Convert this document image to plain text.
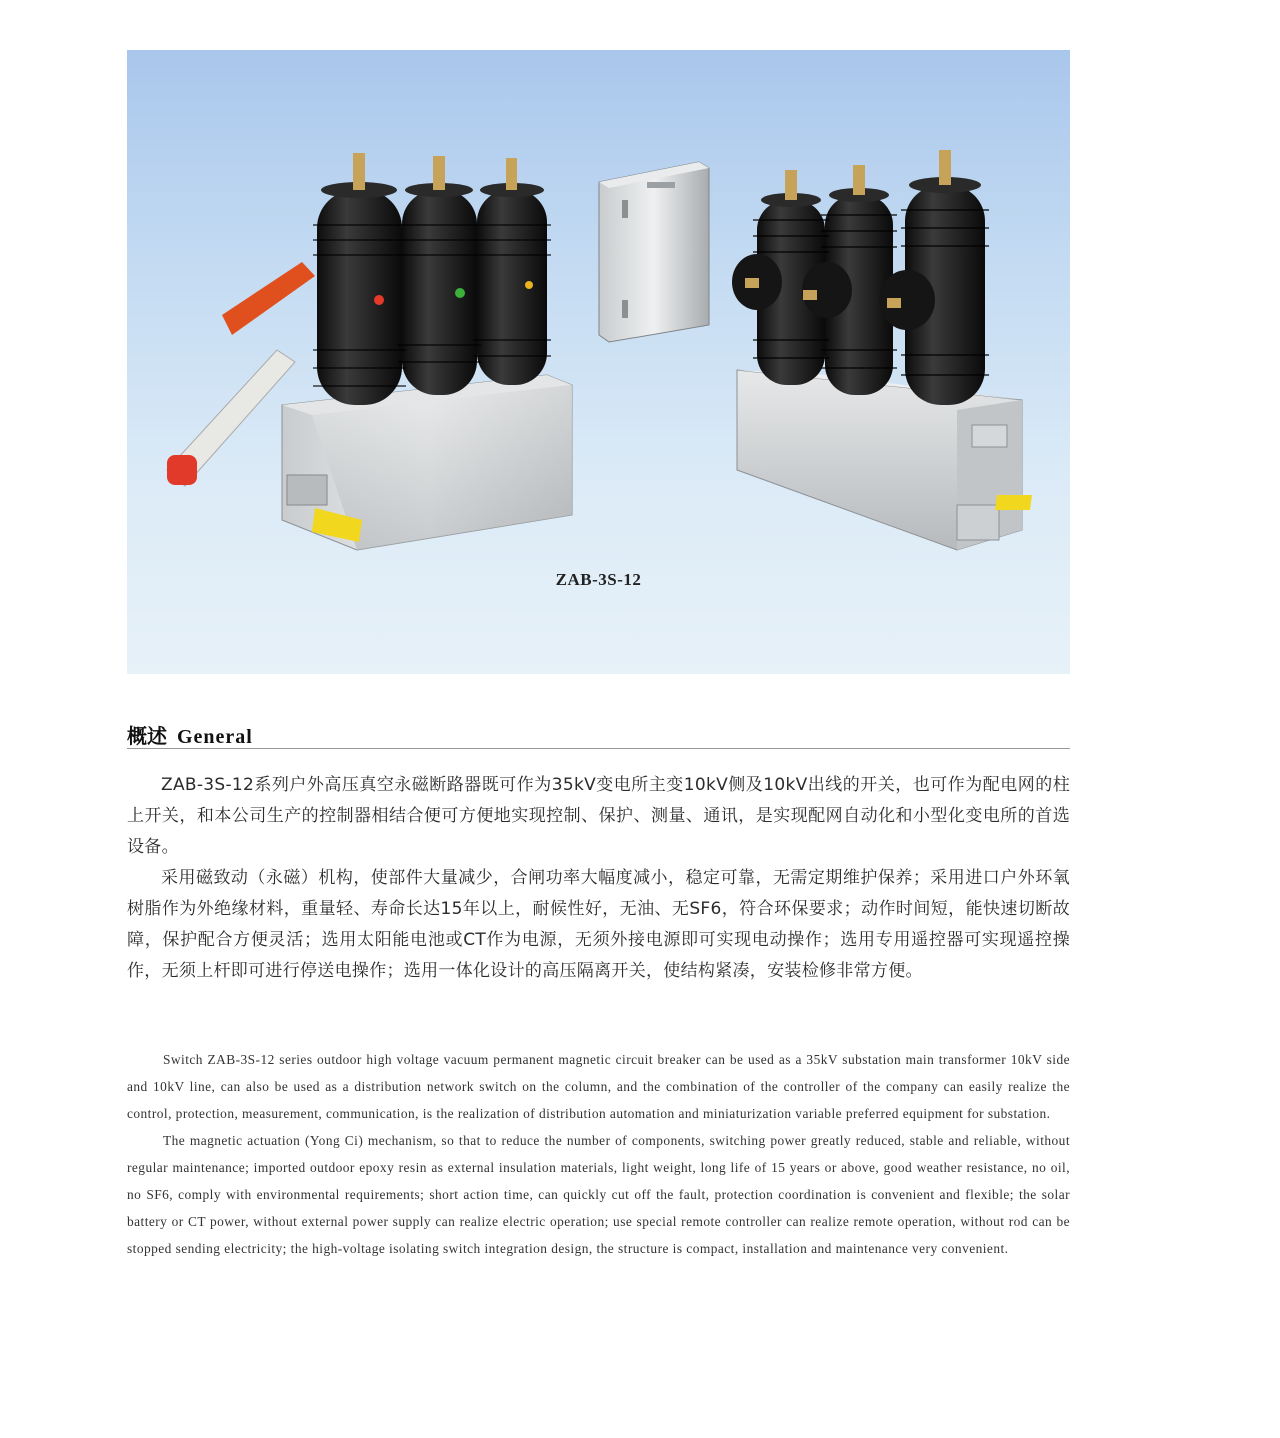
ZAB-3S-12
概述 General

ZAB-3S-12系列户外高压真空永磁断路器既可作为35kV变电所主变10kV侧及10kV出线的开关，也可作为配电网的柱上开关，和本公司生产的控制器相结合便可方便地实现控制、保护、测量、通讯，是实现配网自动化和小型化变电所的首选设备。

采用磁致动（永磁）机构，使部件大量减少，合闸功率大幅度减小，稳定可靠，无需定期维护保养；采用进口户外环氧树脂作为外绝缘材料，重量轻、寿命长达15年以上，耐候性好，无油、无SF6，符合环保要求；动作时间短，能快速切断故障，保护配合方便灵活；选用太阳能电池或CT作为电源，无须外接电源即可实现电动操作；选用专用遥控器可实现遥控操作，无须上杆即可进行停送电操作；选用一体化设计的高压隔离开关，使结构紧凑，安装检修非常方便。

Switch ZAB-3S-12 series outdoor high voltage vacuum permanent magnetic circuit breaker can be used as a 35kV substation main transformer 10kV side and 10kV line, can also be used as a distribution network switch on the column, and the combination of the controller of the company can easily realize the control, protection, measurement, communication, is the realization of distribution automation and miniaturization variable preferred equipment for substation.

The magnetic actuation (Yong Ci) mechanism, so that to reduce the number of components, switching power greatly reduced, stable and reliable, without regular maintenance; imported outdoor epoxy resin as external insulation materials, light weight, long life of 15 years or above, good weather resistance, no oil, no SF6, comply with environmental requirements; short action time, can quickly cut off the fault, protection coordination is convenient and flexible; the solar battery or CT power, without external power supply can realize electric operation; use special remote controller can realize remote operation, without rod can be stopped sending electricity; the high-voltage isolating switch integration design, the structure is compact, installation and maintenance very convenient.
